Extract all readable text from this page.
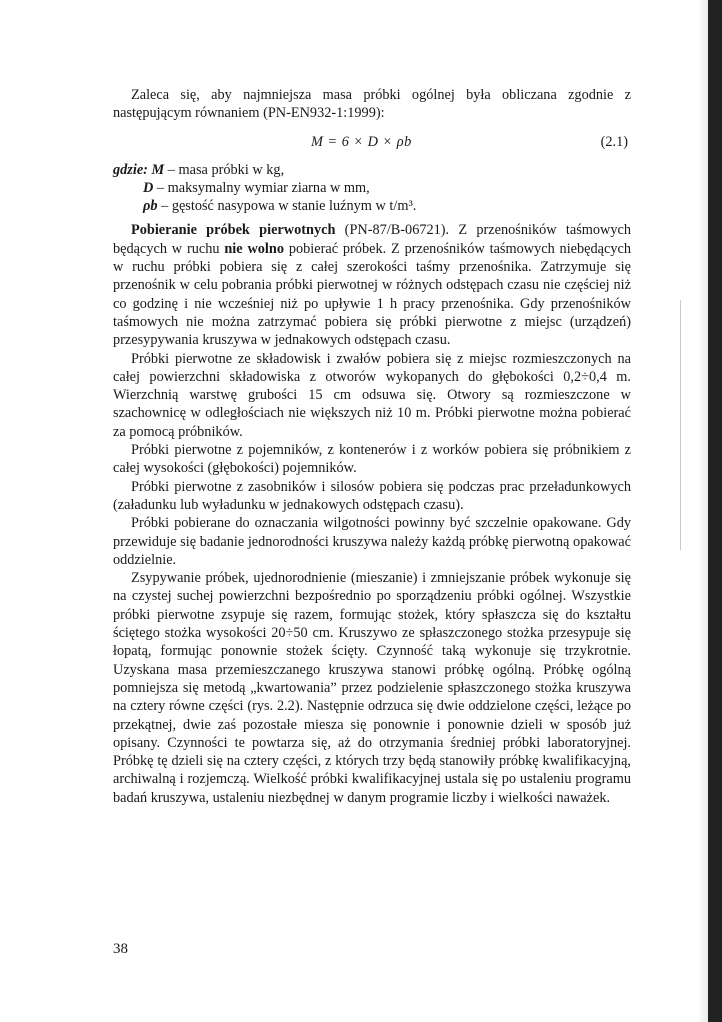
Zaleca się, aby najmniejsza masa próbki ogólnej była obliczana zgodnie z następującym równaniem (PN-EN932-1:1999):

M = 6 × D × ρb	(2.1)
gdzie: M – masa próbki w kg,
D – maksymalny wymiar ziarna w mm,
ρb – gęstość nasypowa w stanie luźnym w t/m³.

Pobieranie próbek pierwotnych (PN-87/B-06721). Z przenośników taśmowych będących w ruchu nie wolno pobierać próbek. Z przenośników taśmowych niebędących w ruchu próbki pobiera się z całej szerokości taśmy przenośnika. Zatrzymuje się przenośnik w celu pobrania próbki pierwotnej w różnych odstępach czasu nie częściej niż co godzinę i nie wcześniej niż po upływie 1 h pracy przenośnika. Gdy przenośników taśmowych nie można zatrzymać pobiera się próbki pierwotne z miejsc (urządzeń) przesypywania kruszywa w jednakowych odstępach czasu.

Próbki pierwotne ze składowisk i zwałów pobiera się z miejsc rozmieszczonych na całej powierzchni składowiska z otworów wykopanych do głębokości 0,2÷0,4 m. Wierzchnią warstwę grubości 15 cm odsuwa się. Otwory są rozmieszczone w szachownicę w odległościach nie większych niż 10 m. Próbki pierwotne można pobierać za pomocą próbników.

Próbki pierwotne z pojemników, z kontenerów i z worków pobiera się próbnikiem z całej wysokości (głębokości) pojemników.

Próbki pierwotne z zasobników i silosów pobiera się podczas prac przeładunkowych (załadunku lub wyładunku w jednakowych odstępach czasu).

Próbki pobierane do oznaczania wilgotności powinny być szczelnie opakowane. Gdy przewiduje się badanie jednorodności kruszywa należy każdą próbkę pierwotną opakować oddzielnie.

Zsypywanie próbek, ujednorodnienie (mieszanie) i zmniejszanie próbek wykonuje się na czystej suchej powierzchni bezpośrednio po sporządzeniu próbki ogólnej. Wszystkie próbki pierwotne zsypuje się razem, formując stożek, który spłaszcza się do kształtu ściętego stożka wysokości 20÷50 cm. Kruszywo ze spłaszczonego stożka przesypuje się łopatą, formując ponownie stożek ścięty. Czynność taką wykonuje się trzykrotnie. Uzyskana masa przemieszczanego kruszywa stanowi próbkę ogólną. Próbkę ogólną pomniejsza się metodą „kwartowania” przez podzielenie spłaszczonego stożka kruszywa na cztery równe części (rys. 2.2). Następnie odrzuca się dwie oddzielone części, leżące po przekątnej, dwie zaś pozostałe miesza się ponownie i ponownie dzieli w sposób już opisany. Czynności te powtarza się, aż do otrzymania średniej próbki laboratoryjnej. Próbkę tę dzieli się na cztery części, z których trzy będą stanowiły próbkę kwalifikacyjną, archiwalną i rozjemczą. Wielkość próbki kwalifikacyjnej ustala się po ustaleniu programu badań kruszywa, ustaleniu niezbędnej w danym programie liczby i wielkości naważek.

38
